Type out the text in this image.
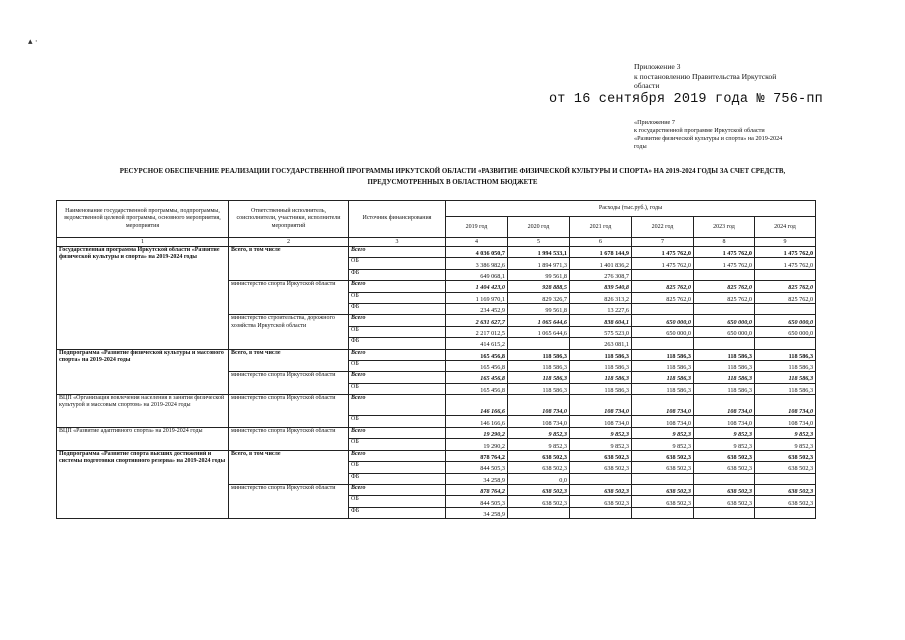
▴ ·
Приложение 3
к постановлению Правительства Иркутской
области
от 16 сентября 2019 года № 756-пп
«Приложение 7
к государственной программе Иркутской области
«Развитие физической культуры и спорта» на 2019-2024
годы
РЕСУРСНОЕ ОБЕСПЕЧЕНИЕ РЕАЛИЗАЦИИ ГОСУДАРСТВЕННОЙ ПРОГРАММЫ ИРКУТСКОЙ ОБЛАСТИ «РАЗВИТИЕ ФИЗИЧЕСКОЙ КУЛЬТУРЫ И СПОРТА» НА 2019-2024 ГОДЫ ЗА СЧЕТ СРЕДСТВ,
ПРЕДУСМОТРЕННЫХ В ОБЛАСТНОМ БЮДЖЕТЕ
Наименование государственной программы, подпрограммы, ведомственной целевой программы, основного мероприятия, мероприятия	Ответственный исполнитель, соисполнители, участники, исполнители мероприятий	Источник финансирования	Расходы (тыс.руб.), годы					
			2019 год	2020 год	2021 год	2022 год	2023 год	2024 год
1	2	3	4	5	6	7	8	9
Государственная программа Иркутской области «Развитие физической культуры и спорта» на 2019-2024 годы	Всего, в том числе	Всего	4 036 050,7	1 994 533,1	1 678 144,9	1 475 762,0	1 475 762,0	1 475 762,0
		ОБ	3 386 982,6	1 894 971,3	1 401 836,2	1 475 762,0	1 475 762,0	1 475 762,0
		ФБ	649 068,1	99 561,8	276 308,7			
	министерство спорта Иркутской области	Всего	1 404 423,0	928 888,5	839 540,8	825 762,0	825 762,0	825 762,0
		ОБ	1 169 970,1	829 326,7	826 313,2	825 762,0	825 762,0	825 762,0
		ФБ	234 452,9	99 561,8	13 227,6			
	министерство строительства, дорожного хозяйства Иркутской области	Всего	2 631 627,7	1 065 644,6	838 604,1	650 000,0	650 000,0	650 000,0
		ОБ	2 217 012,5	1 065 644,6	575 523,0	650 000,0	650 000,0	650 000,0
		ФБ	414 615,2		263 081,1			
Подпрограмма «Развитие физической культуры и массового спорта» на 2019-2024 годы	Всего, в том числе	Всего	165 456,8	118 586,3	118 586,3	118 586,3	118 586,3	118 586,3
		ОБ	165 456,8	118 586,3	118 586,3	118 586,3	118 586,3	118 586,3
	министерство спорта Иркутской области	Всего	165 456,8	118 586,3	118 586,3	118 586,3	118 586,3	118 586,3
		ОБ	165 456,8	118 586,3	118 586,3	118 586,3	118 586,3	118 586,3
ВЦП «Организация вовлечения населения в занятия физической культурой и массовым спортом» на 2019-2024 годы	министерство спорта Иркутской области	Всего	146 166,6	108 734,0	108 734,0	108 734,0	108 734,0	108 734,0
		ОБ	146 166,6	108 734,0	108 734,0	108 734,0	108 734,0	108 734,0
ВЦП «Развитие адаптивного спорта» на 2019-2024 годы	министерство спорта Иркутской области	Всего	19 290,2	9 852,3	9 852,3	9 852,3	9 852,3	9 852,3
		ОБ	19 290,2	9 852,3	9 852,3	9 852,3	9 852,3	9 852,3
Подпрограмма «Развитие спорта высших достижений и системы подготовки спортивного резерва» на 2019-2024 годы	Всего, в том числе	Всего	878 764,2	638 502,3	638 502,3	638 502,3	638 502,3	638 502,3
		ОБ	844 505,3	638 502,3	638 502,3	638 502,3	638 502,3	638 502,3
		ФБ	34 258,9	0,0				
	министерство спорта Иркутской области	Всего	878 764,2	638 502,3	638 502,3	638 502,3	638 502,3	638 502,3
		ОБ	844 505,3	638 502,3	638 502,3	638 502,3	638 502,3	638 502,3
		ФБ	34 258,9					
